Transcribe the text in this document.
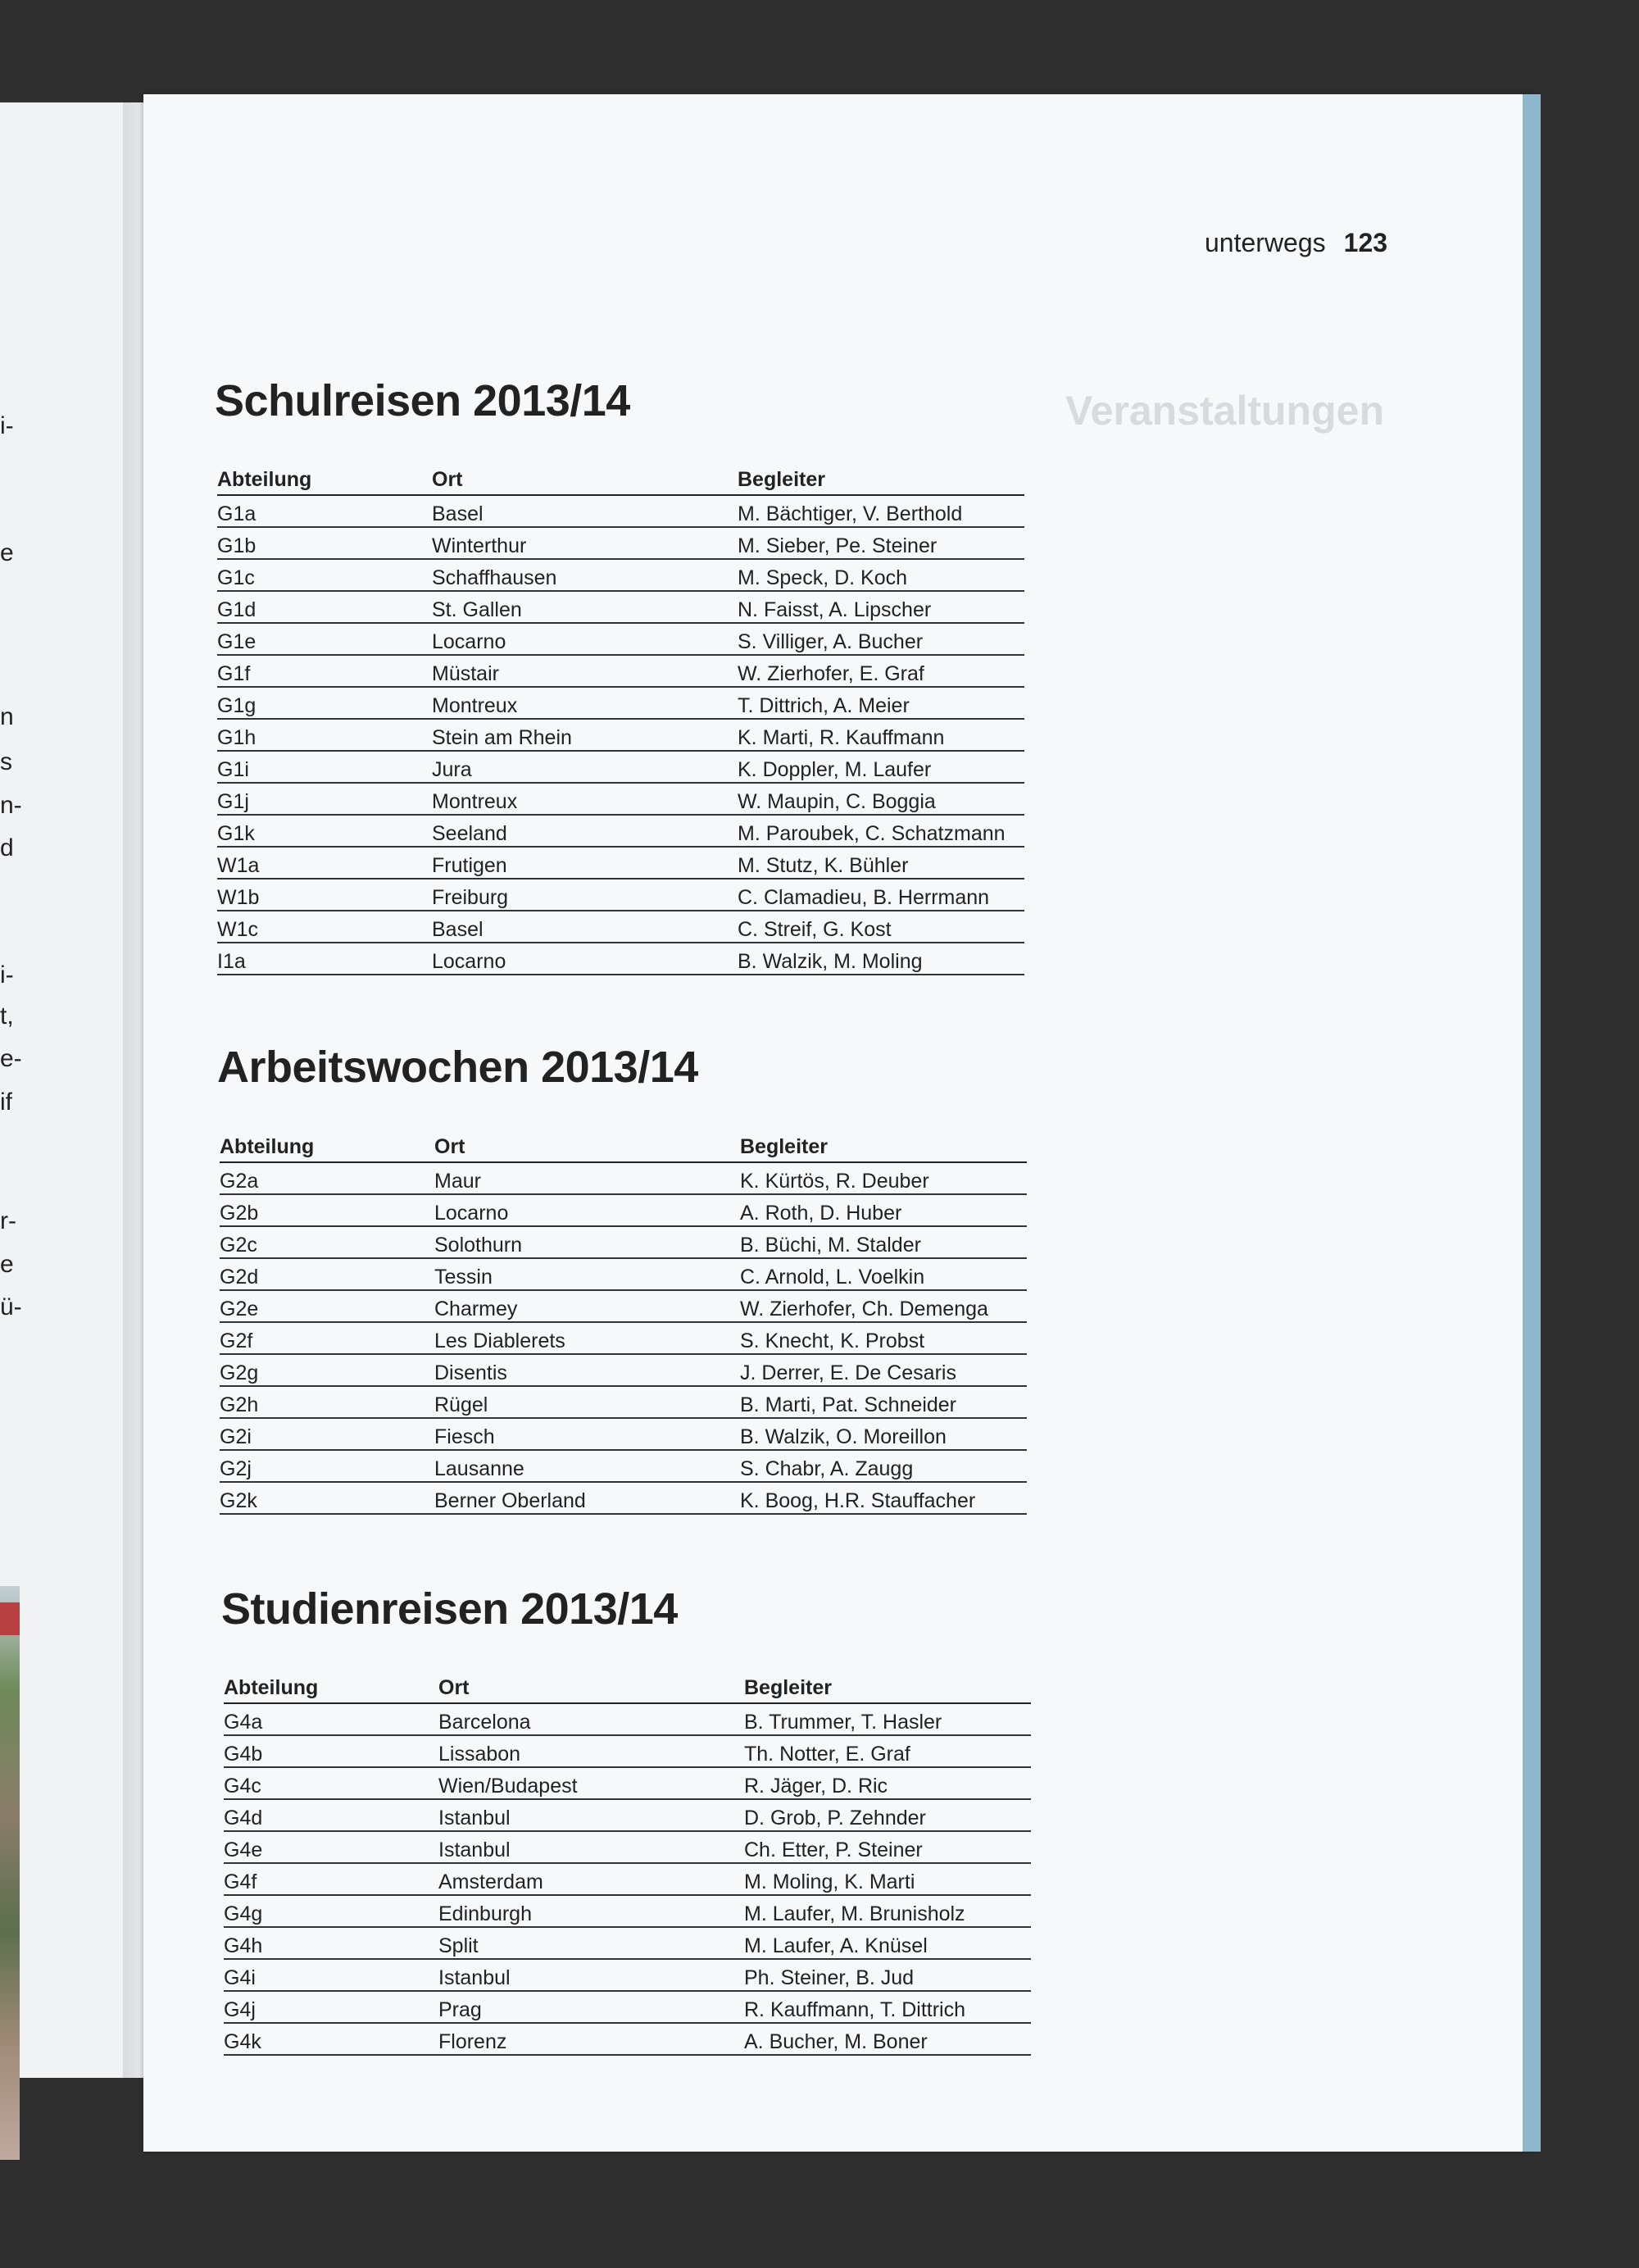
i-
e
n
s
n-
d
i-
t,
e-
if
r-
e
ü-
Veranstaltungen
unterwegs 123
Schulreisen 2013/14
Abteilung	Ort	Begleiter
G1a	Basel	M. Bächtiger, V. Berthold
G1b	Winterthur	M. Sieber, Pe. Steiner
G1c	Schaffhausen	M. Speck, D. Koch
G1d	St. Gallen	N. Faisst, A. Lipscher
G1e	Locarno	S. Villiger, A. Bucher
G1f	Müstair	W. Zierhofer, E. Graf
G1g	Montreux	T. Dittrich, A. Meier
G1h	Stein am Rhein	K. Marti, R. Kauffmann
G1i	Jura	K. Doppler, M. Laufer
G1j	Montreux	W. Maupin, C. Boggia
G1k	Seeland	M. Paroubek, C. Schatzmann
W1a	Frutigen	M. Stutz, K. Bühler
W1b	Freiburg	C. Clamadieu, B. Herrmann
W1c	Basel	C. Streif, G. Kost
I1a	Locarno	B. Walzik, M. Moling
Arbeitswochen 2013/14
Abteilung	Ort	Begleiter
G2a	Maur	K. Kürtös, R. Deuber
G2b	Locarno	A. Roth, D. Huber
G2c	Solothurn	B. Büchi, M. Stalder
G2d	Tessin	C. Arnold, L. Voelkin
G2e	Charmey	W. Zierhofer, Ch. Demenga
G2f	Les Diablerets	S. Knecht, K. Probst
G2g	Disentis	J. Derrer, E. De Cesaris
G2h	Rügel	B. Marti, Pat. Schneider
G2i	Fiesch	B. Walzik, O. Moreillon
G2j	Lausanne	S. Chabr, A. Zaugg
G2k	Berner Oberland	K. Boog, H.R. Stauffacher
Studienreisen 2013/14
Abteilung	Ort	Begleiter
G4a	Barcelona	B. Trummer, T. Hasler
G4b	Lissabon	Th. Notter, E. Graf
G4c	Wien/Budapest	R. Jäger, D. Ric
G4d	Istanbul	D. Grob, P. Zehnder
G4e	Istanbul	Ch. Etter, P. Steiner
G4f	Amsterdam	M. Moling, K. Marti
G4g	Edinburgh	M. Laufer, M. Brunisholz
G4h	Split	M. Laufer, A. Knüsel
G4i	Istanbul	Ph. Steiner, B. Jud
G4j	Prag	R. Kauffmann, T. Dittrich
G4k	Florenz	A. Bucher, M. Boner
